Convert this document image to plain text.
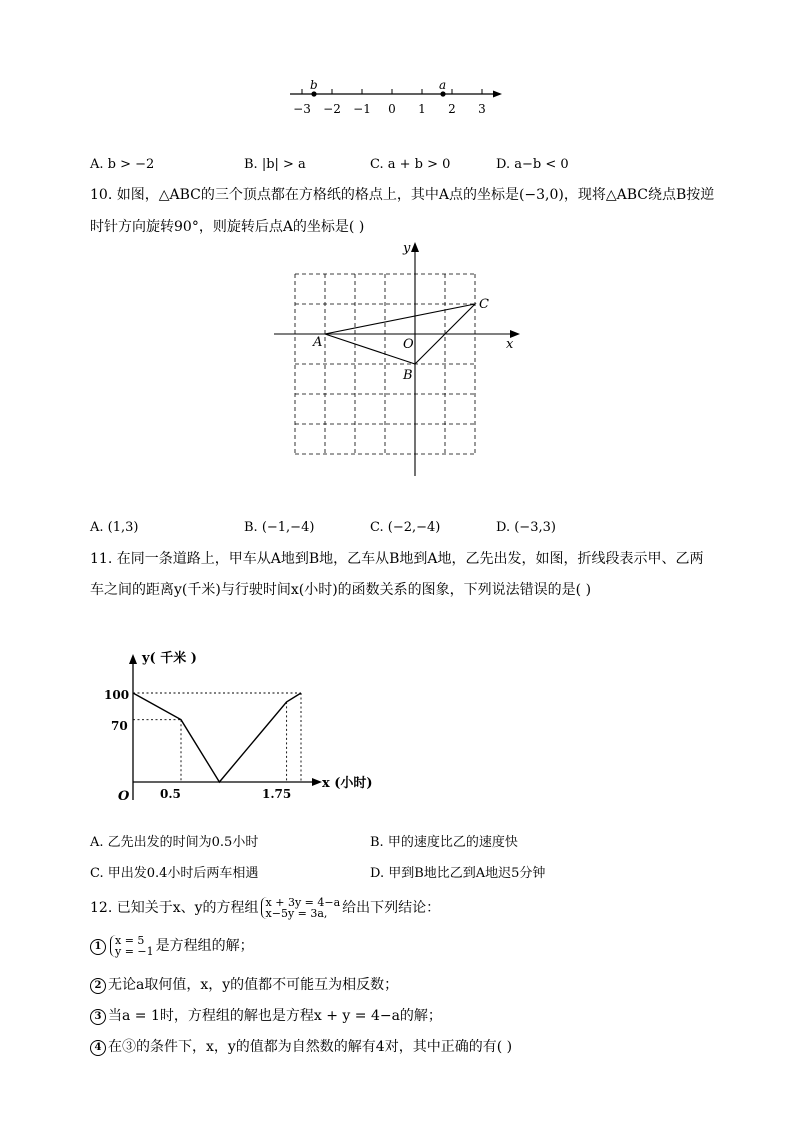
−3 −2 −1 0 1 2 3
b	a
A. b > −2	B. |b| > a	C. a + b > 0	D. a−b < 0
10. 如图，△ABC的三个顶点都在方格纸的格点上，其中A点的坐标是(−3,0)，现将△ABC绕点B按逆
时针方向旋转90°，则旋转后点A的坐标是( )
x
y
O
A
B
C
A. (1,3)	B. (−1,−4)	C. (−2,−4)	D. (−3,3)
11. 在同一条道路上，甲车从A地到B地，乙车从B地到A地，乙先出发，如图，折线段表示甲、乙两
车之间的距离y(千米)与行驶时间x(小时)的函数关系的图象，下列说法错误的是( )
y( 千米 )
x (小时)
O
100
70
0.5	1.75
A. 乙先出发的时间为0.5小时	B. 甲的速度比乙的速度快
C. 甲出发0.4小时后两车相遇	D. 甲到B地比乙到A地迟5分钟
12. 已知关于x、y的方程组 x + 3y = 4−a
x−5y = 3a, 给出下列结论：
1 x = 5
y = −1 是方程组的解；
2 无论a取何值，x，y的值都不可能互为相反数；
3 当a = 1时，方程组的解也是方程x + y = 4−a的解；
4 在③的条件下，x，y的值都为自然数的解有4对，其中正确的有( )
